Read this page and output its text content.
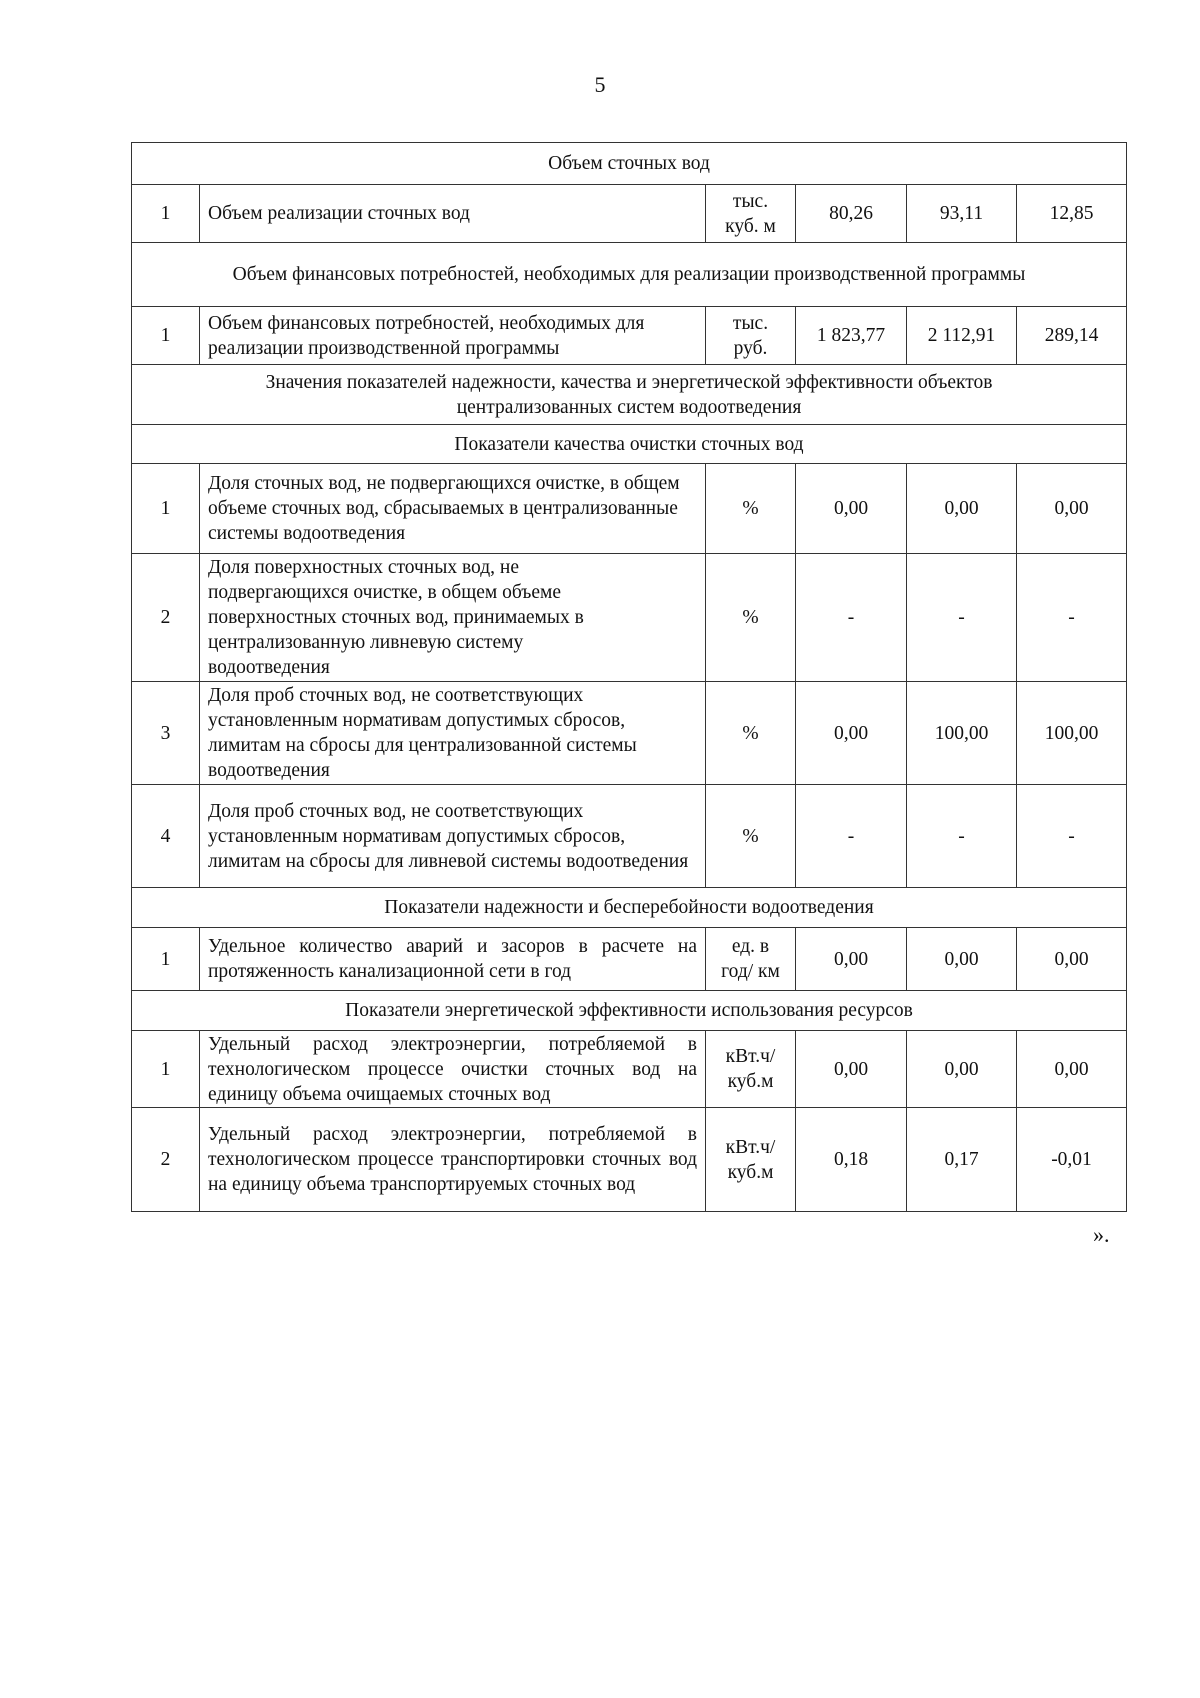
5
Объем сточных вод					
1	Объем реализации сточных вод	тыс. куб. м	80,26	93,11	12,85
Объем финансовых потребностей, необходимых для реализации производственной программы					
1	Объем финансовых потребностей, необходимых для реализации производственной программы	тыс. руб.	1 823,77	2 112,91	289,14
Значения показателей надежности, качества и энергетической эффективности объектов централизованных систем водоотведения					
Показатели качества очистки сточных вод					
1	Доля сточных вод, не подвергающихся очистке, в общем объеме сточных вод, сбрасываемых в централизованные системы водоотведения	%	0,00	0,00	0,00
2	Доля поверхностных сточных вод, не подвергающихся очистке, в общем объеме поверхностных сточных вод, принимаемых в централизованную ливневую систему водоотведения	%	-	-	-
3	Доля проб сточных вод, не соответствующих установленным нормативам допустимых сбросов, лимитам на сбросы для централизованной системы водоотведения	%	0,00	100,00	100,00
4	Доля проб сточных вод, не соответствующих установленным нормативам допустимых сбросов, лимитам на сбросы для ливневой системы водоотведения	%	-	-	-
Показатели надежности и бесперебойности водоотведения					
1	Удельное количество аварий и засоров в расчете на протяженность канализационной сети в год	ед. в год/ км	0,00	0,00	0,00
Показатели энергетической эффективности использования ресурсов					
1	Удельный расход электроэнергии, потребляемой в технологическом процессе очистки сточных вод на единицу объема очищаемых сточных вод	кВт.ч/ куб.м	0,00	0,00	0,00
2	Удельный расход электроэнергии, потребляемой в технологическом процессе транспортировки сточных вод на единицу объема транспортируемых сточных вод	кВт.ч/ куб.м	0,18	0,17	-0,01
».
